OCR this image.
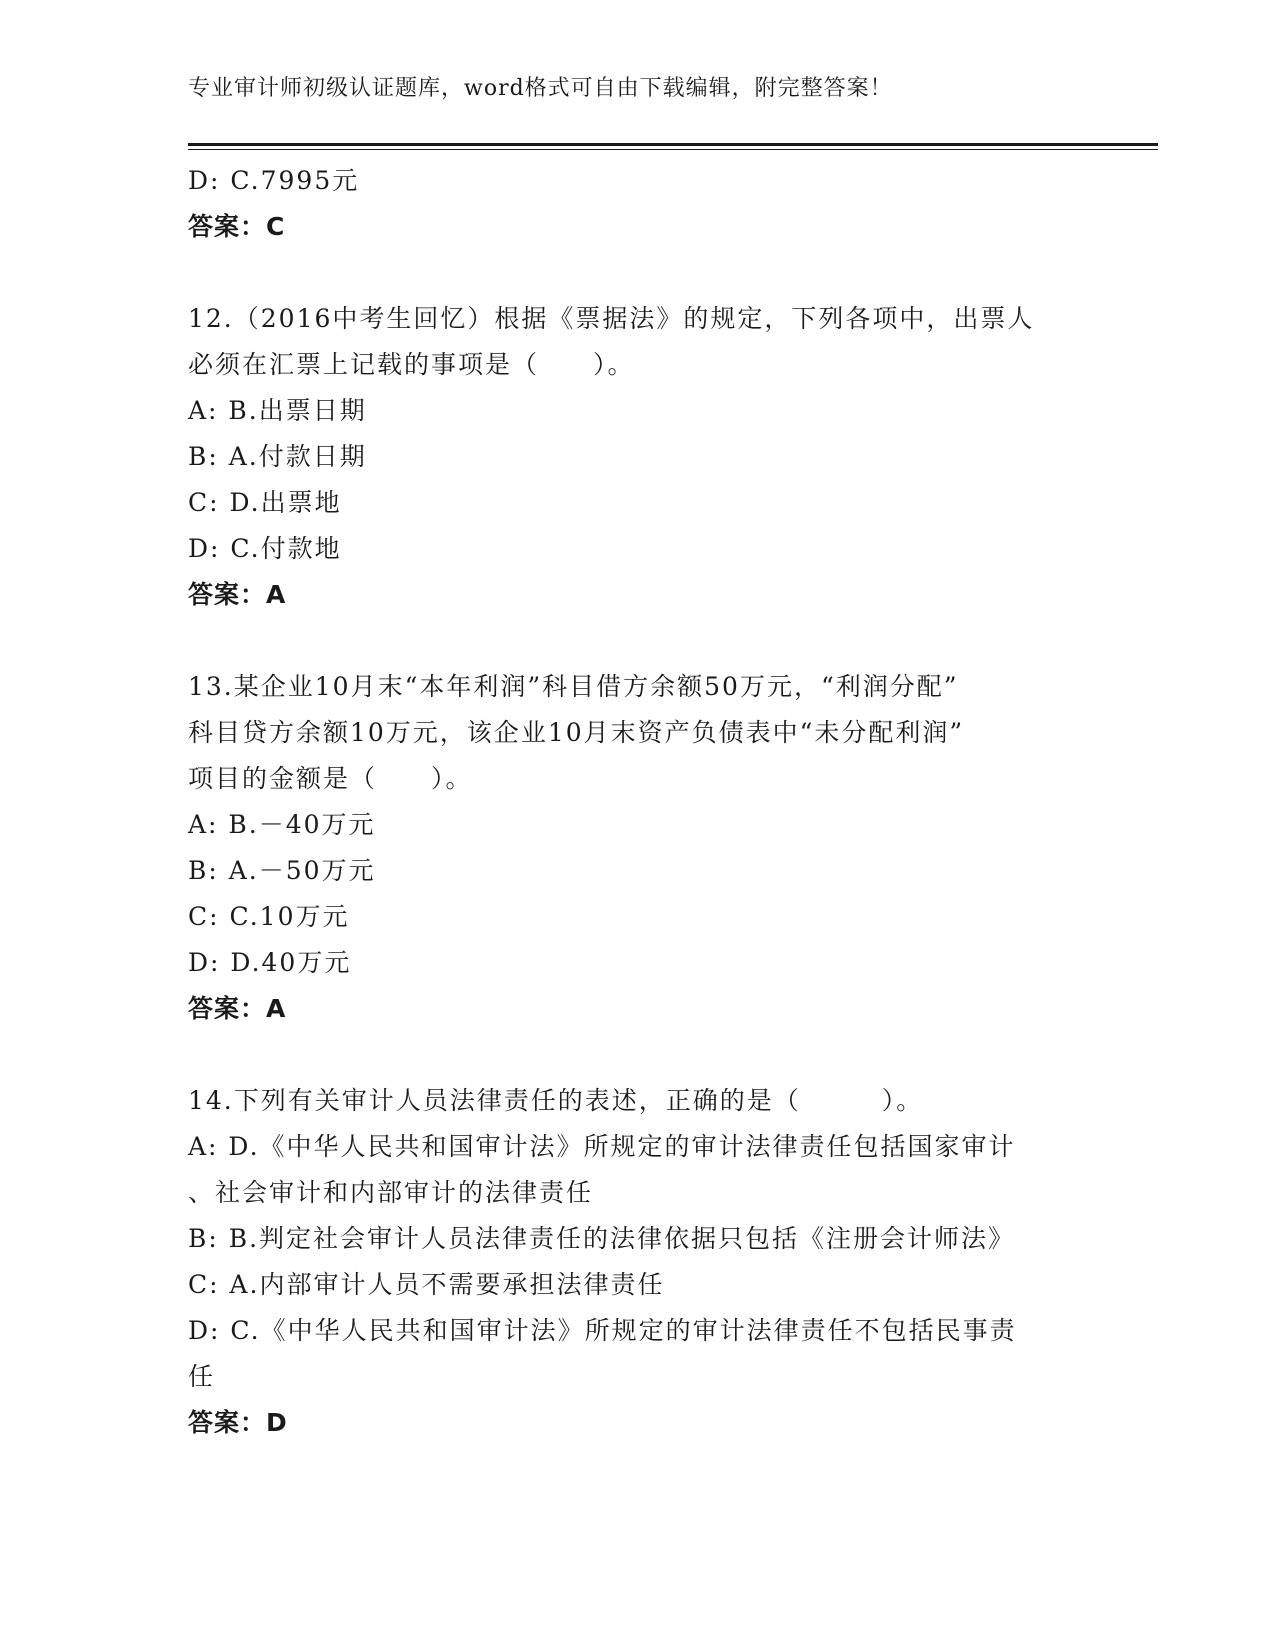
专业审计师初级认证题库，word格式可自由下载编辑，附完整答案！
D: C.7995元
答案：C
12.（2016中考生回忆）根据《票据法》的规定，下列各项中，出票人
必须在汇票上记载的事项是（　　）。
A: B.出票日期
B: A.付款日期
C: D.出票地
D: C.付款地
答案：A
13.某企业10月末“本年利润”科目借方余额50万元，“利润分配”
科目贷方余额10万元，该企业10月末资产负债表中“未分配利润”
项目的金额是（　　）。
A: B.－40万元
B: A.－50万元
C: C.10万元
D: D.40万元
答案：A
14.下列有关审计人员法律责任的表述，正确的是（　　　）。
A: D.《中华人民共和国审计法》所规定的审计法律责任包括国家审计
、社会审计和内部审计的法律责任
B: B.判定社会审计人员法律责任的法律依据只包括《注册会计师法》
C: A.内部审计人员不需要承担法律责任
D: C.《中华人民共和国审计法》所规定的审计法律责任不包括民事责
任
答案：D
